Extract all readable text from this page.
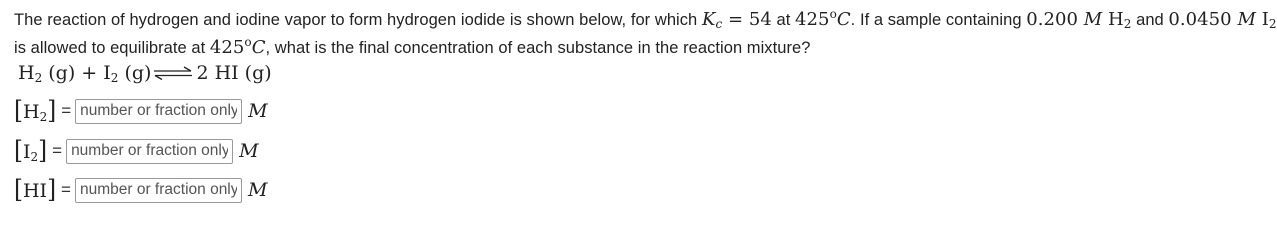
The reaction of hydrogen and iodine vapor to form hydrogen iodide is shown below, for which $K_c = 54$ at 425$^o$C. If a sample containing 0.200 M $H_2$ and 0.0450 M $I_2$
is allowed to equilibrate at 425$^o$C, what is the final concentration of each substance in the reaction mixture?
$H_2$ $(g) + I_2$ (g) ⇌ 2 HI (g)
$[H_2]$ =
number or fraction only	M
$[I_2]$ =
number or fraction only	M
[HI] =
number or fraction only	M
